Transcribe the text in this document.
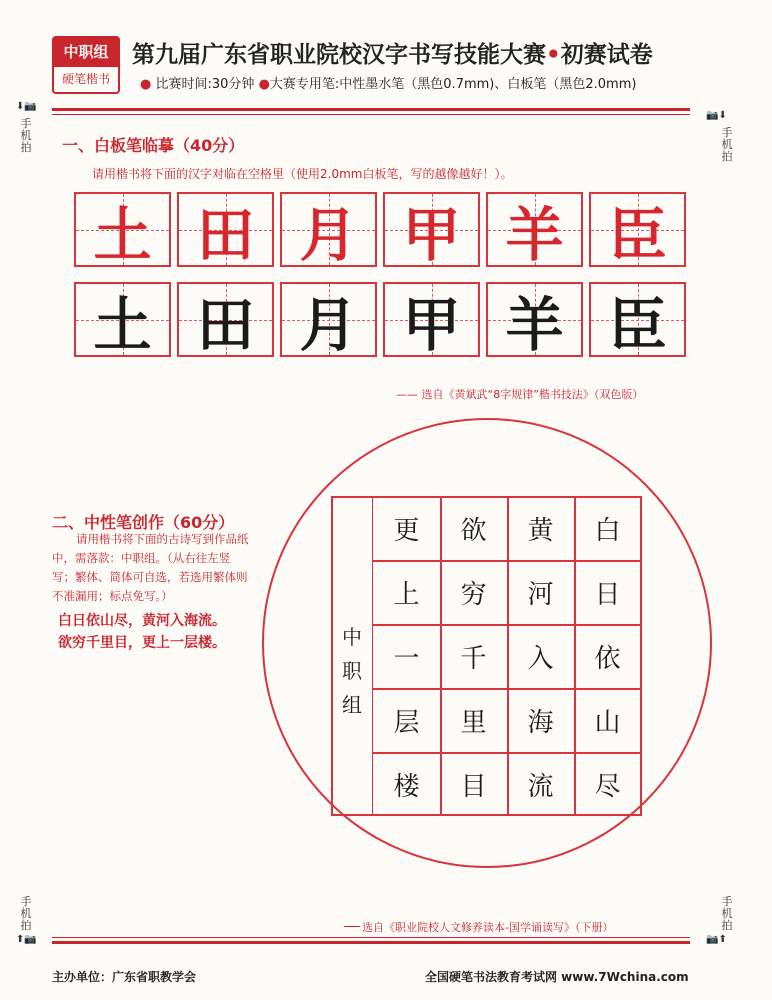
中职组
硬笔楷书
第九届广东省职业院校汉字书写技能大赛•初赛试卷
● 比赛时间:30分钟 ●大赛专用笔:中性墨水笔（黑色0.7mm)、白板笔（黑色2.0mm)
⬇📷
手
机
拍
📷⬇
手
机
拍
手
机
拍
⬆📷
手
机
拍
📷⬆
一、白板笔临摹（40分）
请用楷书将下面的汉字对临在空格里（使用2.0mm白板笔，写的越像越好！）。
土 田 月 甲 羊 臣
土 田 月 甲 羊 臣
—— 选自《黄斌武“8字规律”楷书技法》（双色版）
二、中性笔创作（60分）
请用楷书将下面的古诗写到作品纸中，需落款：中职组。（从右往左竖写；繁体、简体可自选，若选用繁体则不准漏用；标点免写。）
白日依山尽，黄河入海流。
欲穷千里目，更上一层楼。	中
职
组
更
上
一
层
楼
欲
穷
千
里
目
黄
河
入
海
流
白
日
依
山
尽
选自《职业院校人文修养读本-国学诵读写》（下册）
主办单位：广东省职教学会	全国硬笔书法教育考试网 www.7Wchina.com
